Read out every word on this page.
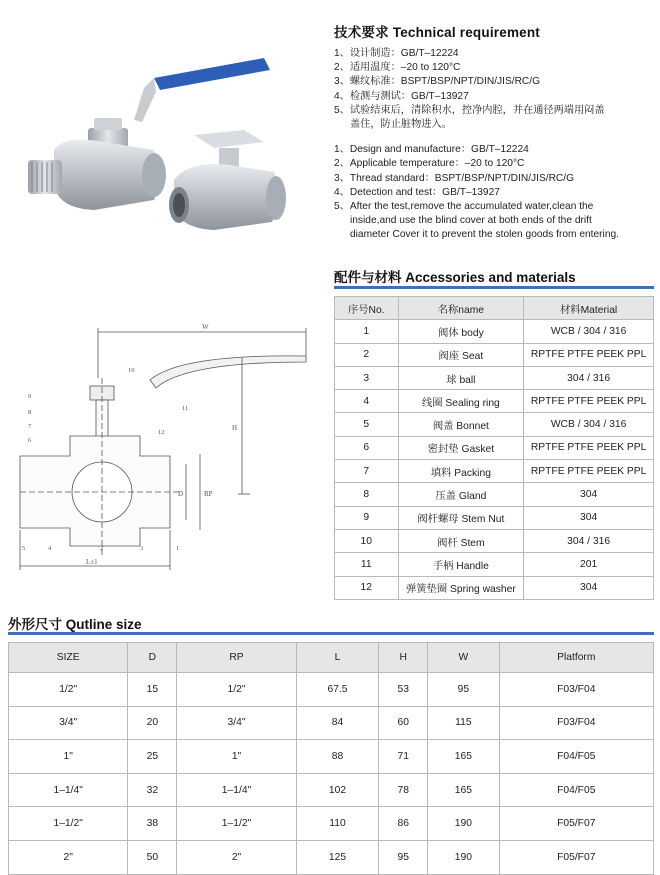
W
H
D	RP
L±1
1
2	3
4
5
6
7
8
9
10
11
12
技术要求 Technical requirement
1、设计制造：GB/T–12224
2、适用温度：–20 to 120°C
3、螺纹标准：BSPT/BSP/NPT/DIN/JIS/RC/G
4、检测与测试：GB/T–13927
5、试验结束后，清除积水，控净内腔，并在通径两端用闷盖
盖住，防止脏物进入。
1、Design and manufacture：GB/T–12224
2、Applicable temperature：–20 to 120°C
3、Thread standard：BSPT/BSP/NPT/DIN/JIS/RC/G
4、Detection and test：GB/T–13927
5、After the test,remove the accumulated water,clean the
inside,and use the blind cover at both ends of the drift
diameter Cover it to prevent the stolen goods from entering.
配件与材料 Accessories and materials
序号No.	名称name	材料Material
1	阀体 body	WCB / 304 / 316
2	阀座 Seat	RPTFE PTFE PEEK PPL
3	球 ball	304 / 316
4	线圈 Sealing ring	RPTFE PTFE PEEK PPL
5	阀盖 Bonnet	WCB / 304 / 316
6	密封垫 Gasket	RPTFE PTFE PEEK PPL
7	填料 Packing	RPTFE PTFE PEEK PPL
8	压盖 Gland	304
9	阀杆螺母 Stem Nut	304
10	阀杆 Stem	304 / 316
11	手柄 Handle	201
12	弹簧垫圈 Spring washer	304
外形尺寸 Qutline size
SIZE	D	RP	L	H	W	Platform
1/2"	15	1/2"	67.5	53	95	F03/F04
3/4"	20	3/4"	84	60	115	F03/F04
1"	25	1"	88	71	165	F04/F05
1–1/4"	32	1–1/4"	102	78	165	F04/F05
1–1/2"	38	1–1/2"	110	86	190	F05/F07
2"	50	2"	125	95	190	F05/F07
